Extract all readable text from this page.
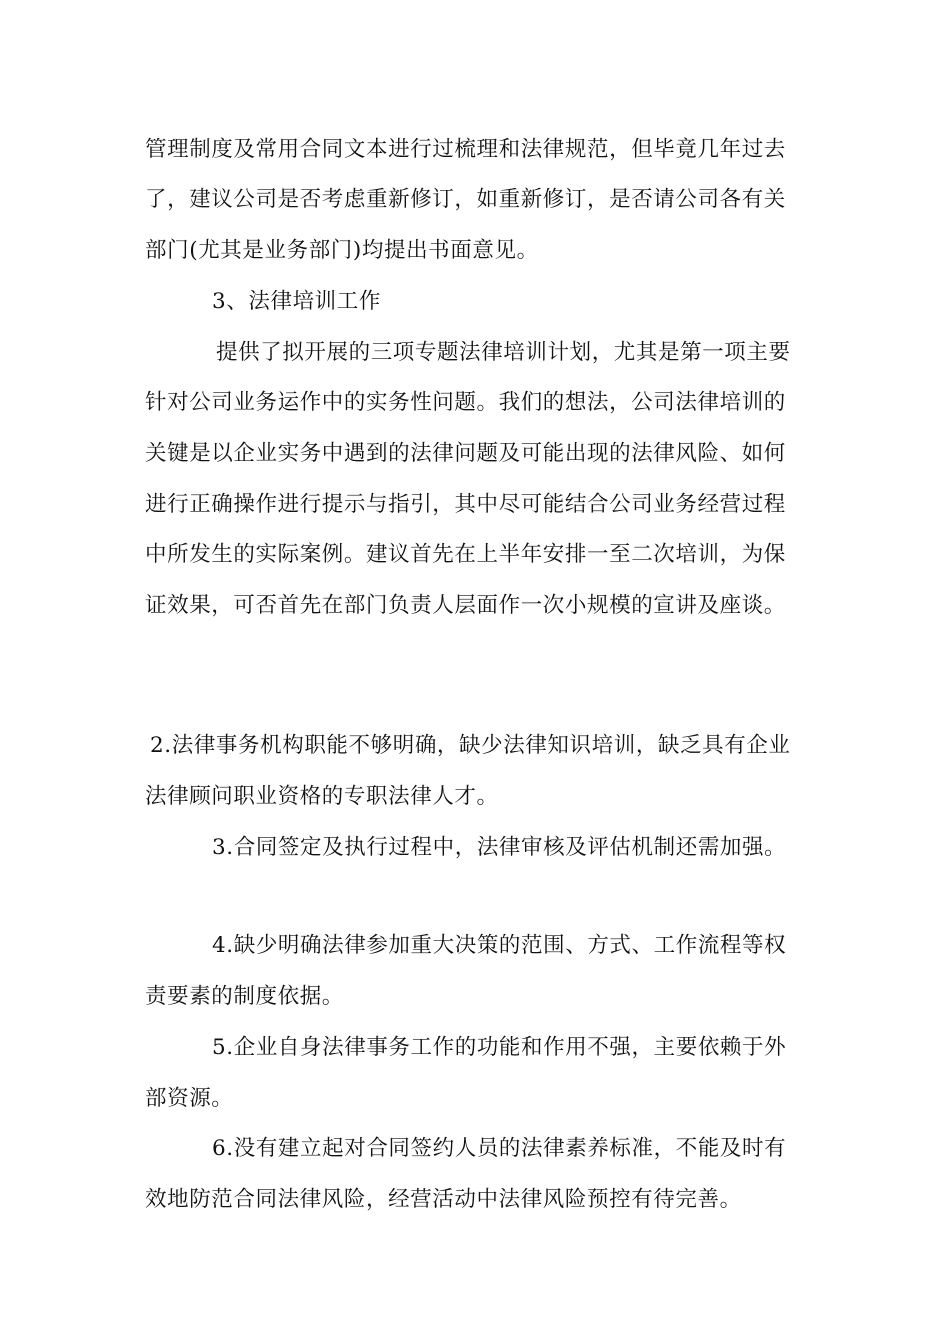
管理制度及常用合同文本进行过梳理和法律规范，但毕竟几年过去
了，建议公司是否考虑重新修订，如重新修订，是否请公司各有关
部门(尤其是业务部门)均提出书面意见。
3、法律培训工作
提供了拟开展的三项专题法律培训计划，尤其是第一项主要
针对公司业务运作中的实务性问题。我们的想法，公司法律培训的
关键是以企业实务中遇到的法律问题及可能出现的法律风险、如何
进行正确操作进行提示与指引，其中尽可能结合公司业务经营过程
中所发生的实际案例。建议首先在上半年安排一至二次培训，为保
证效果，可否首先在部门负责人层面作一次小规模的宣讲及座谈。
2.法律事务机构职能不够明确，缺少法律知识培训，缺乏具有企业
法律顾问职业资格的专职法律人才。
3.合同签定及执行过程中，法律审核及评估机制还需加强。
4.缺少明确法律参加重大决策的范围、方式、工作流程等权
责要素的制度依据。
5.企业自身法律事务工作的功能和作用不强，主要依赖于外
部资源。
6.没有建立起对合同签约人员的法律素养标准，不能及时有
效地防范合同法律风险，经营活动中法律风险预控有待完善。
